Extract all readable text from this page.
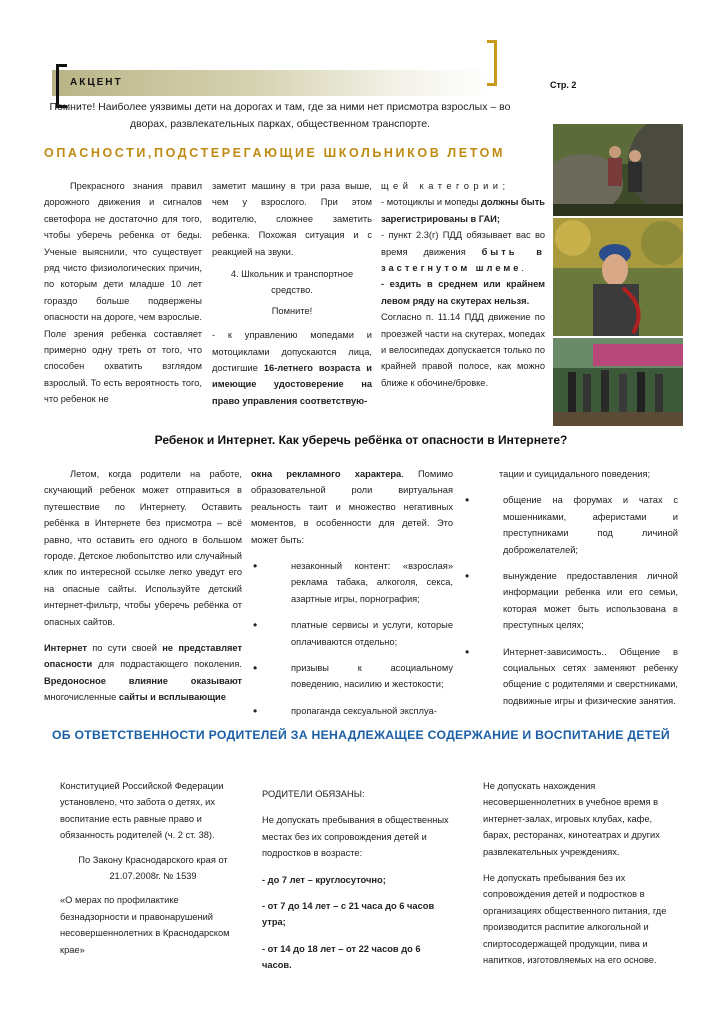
АКЦЕНТ	Стр. 2
Помните! Наиболее уязвимы дети на дорогах и там, где за ними нет присмотра взрослых – во дворах, развлекательных парках, общественном транспорте.
ОПАСНОСТИ,ПОДСТЕРЕГАЮЩИЕ ШКОЛЬНИКОВ ЛЕТОМ

Прекрасного знания правил дорожного движения и сигналов светофора не достаточно для того, чтобы уберечь ребенка от беды. Ученые выяснили, что существует ряд чисто физиологических причин, по которым дети младше 10 лет гораздо больше подвержены опасности на дороге, чем взрослые. Поле зрения ребенка составляет примерно одну треть от того, что способен охватить взглядом взрослый. То есть вероятность того, что ребенок не

заметит машину в три раза выше, чем у взрослого. При этом водителю, сложнее заметить ребенка. Похожая ситуация и с реакцией на звуки.

4. Школьник и транспортное средство.

Помните!

- к управлению мопедами и мотоциклами допускаются лица, достигшие 16-летнего возраста и имеющие удостоверение на право управления соответствую-

щей категории;

- мотоциклы и мопеды должны быть зарегистрированы в ГАИ;

- пункт 2.3(г) ПДД обязывает вас во время движения быть в застегнутом шлеме.

- ездить в среднем или крайнем левом ряду на скутерах нельзя.

Согласно п. 11.14 ПДД движение по проезжей части на скутерах, мопедах и велосипедах допускается только по крайней правой полосе, как можно ближе к обочине/бровке.

Ребенок и Интернет. Как уберечь ребёнка от опасности в Интернете?

Летом, когда родители на работе, скучающий ребенок может отправиться в путешествие по Интернету. Оставить ребёнка в Интернете без присмотра – всё равно, что оставить его одного в большом городе. Детское любопытство или случайный клик по интересной ссылке легко уведут его на опасные сайты. Используйте детский интернет-фильтр, чтобы уберечь ребёнка от опасных сайтов.

Интернет по сути своей не представляет опасности для подрастающего поколения. Вредоносное влияние оказывают многочисленные сайты и всплывающие

окна рекламного характера. Помимо образовательной роли виртуальная реальность таит и множество негативных моментов, в особенности для детей. Это может быть:

• незаконный контент: «взрослая» реклама табака, алкоголя, секса, азартные игры, порнография;
• платные сервисы и услуги, которые оплачиваются отдельно;
• призывы к асоциальному поведению, насилию и жестокости;
• пропаганда сексуальной эксплуа-

тации и суицидального поведения;

• общение на форумах и чатах с мошенниками, аферистами и преступниками под личиной доброжелателей;
• вынуждение предоставления личной информации ребенка или его семьи, которая может быть использована в преступных целях;
• Интернет-зависимость.. Общение в социальных сетях заменяют ребенку общение с родителями и сверстниками, подвижные игры и физические занятия.
ОБ ОТВЕТСТВЕННОСТИ РОДИТЕЛЕЙ ЗА НЕНАДЛЕЖАЩЕЕ СОДЕРЖАНИЕ И ВОСПИТАНИЕ ДЕТЕЙ

Конституцией Российской Федерации установлено, что забота о детях, их воспитание есть равные право и обязанность родителей (ч. 2 ст. 38).

По Закону Краснодарского края от 21.07.2008г. № 1539

«О мерах по профилактике безнадзорности и правонарушений несовершеннолетних в Краснодарском крае»

РОДИТЕЛИ ОБЯЗАНЫ:

Не допускать пребывания в общественных местах без их сопровождения детей и подростков в возрасте:

- до 7 лет – круглосуточно;

- от 7 до 14 лет – с 21 часа до 6 часов утра;

- от 14 до 18 лет – от 22 часов до 6 часов.

Не допускать нахождения несовершеннолетних в учебное время в интернет-залах, игровых клубах, кафе, барах, ресторанах, кинотеатрах и других развлекательных учреждениях.

Не допускать пребывания без их сопровождения детей и подростков в организациях общественного питания, где производится распитие алкогольной и спиртосодержащей продукции, пива и напитков, изготовляемых на его основе.
